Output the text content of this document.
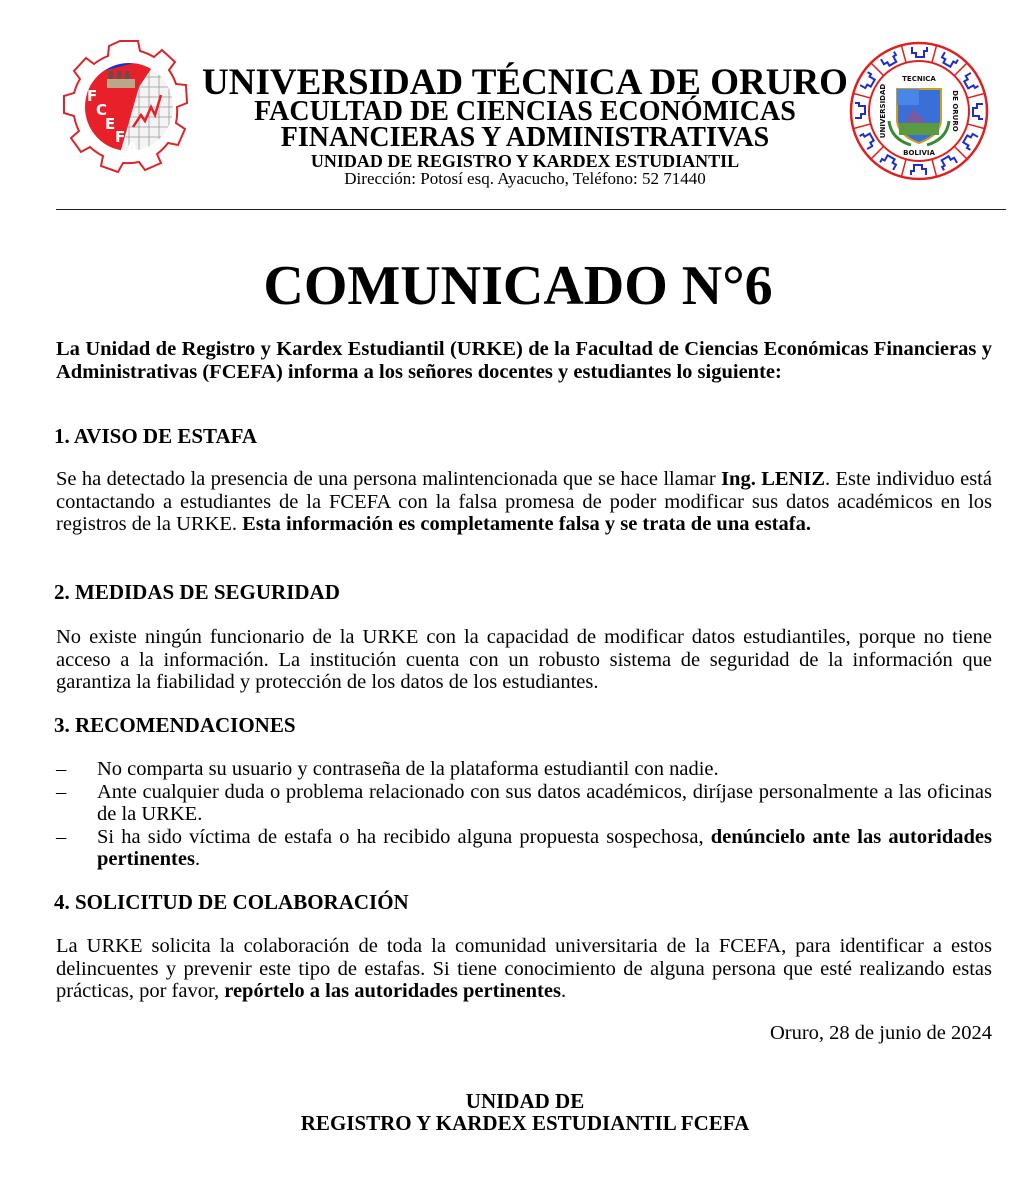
F
C
E
F
A
UNIVERSIDAD TÉCNICA DE ORURO
FACULTAD DE CIENCIAS ECONÓMICAS
FINANCIERAS Y ADMINISTRATIVAS
UNIDAD DE REGISTRO Y KARDEX ESTUDIANTIL
Dirección: Potosí esq. Ayacucho, Teléfono: 52 71440
TECNICA
BOLIVIA
UNIVERSIDAD	DE ORURO
COMUNICADO N°6
La Unidad de Registro y Kardex Estudiantil (URKE) de la Facultad de Ciencias Económicas Financieras y Administrativas (FCEFA) informa a los señores docentes y estudiantes lo siguiente:
1. AVISO DE ESTAFA
Se ha detectado la presencia de una persona malintencionada que se hace llamar Ing. LENIZ. Este individuo está contactando a estudiantes de la FCEFA con la falsa promesa de poder modificar sus datos académicos en los registros de la URKE. Esta información es completamente falsa y se trata de una estafa.
2. MEDIDAS DE SEGURIDAD
No existe ningún funcionario de la URKE con la capacidad de modificar datos estudiantiles, porque no tiene acceso a la información. La institución cuenta con un robusto sistema de seguridad de la información que garantiza la fiabilidad y protección de los datos de los estudiantes.
3. RECOMENDACIONES
– No comparta su usuario y contraseña de la plataforma estudiantil con nadie.
– Ante cualquier duda o problema relacionado con sus datos académicos, diríjase personalmente a las oficinas de la URKE.
– Si ha sido víctima de estafa o ha recibido alguna propuesta sospechosa, denúncielo ante las autoridades pertinentes.
4. SOLICITUD DE COLABORACIÓN
La URKE solicita la colaboración de toda la comunidad universitaria de la FCEFA, para identificar a estos delincuentes y prevenir este tipo de estafas. Si tiene conocimiento de alguna persona que esté realizando estas prácticas, por favor, repórtelo a las autoridades pertinentes.
Oruro, 28 de junio de 2024
UNIDAD DE
REGISTRO Y KARDEX ESTUDIANTIL FCEFA
